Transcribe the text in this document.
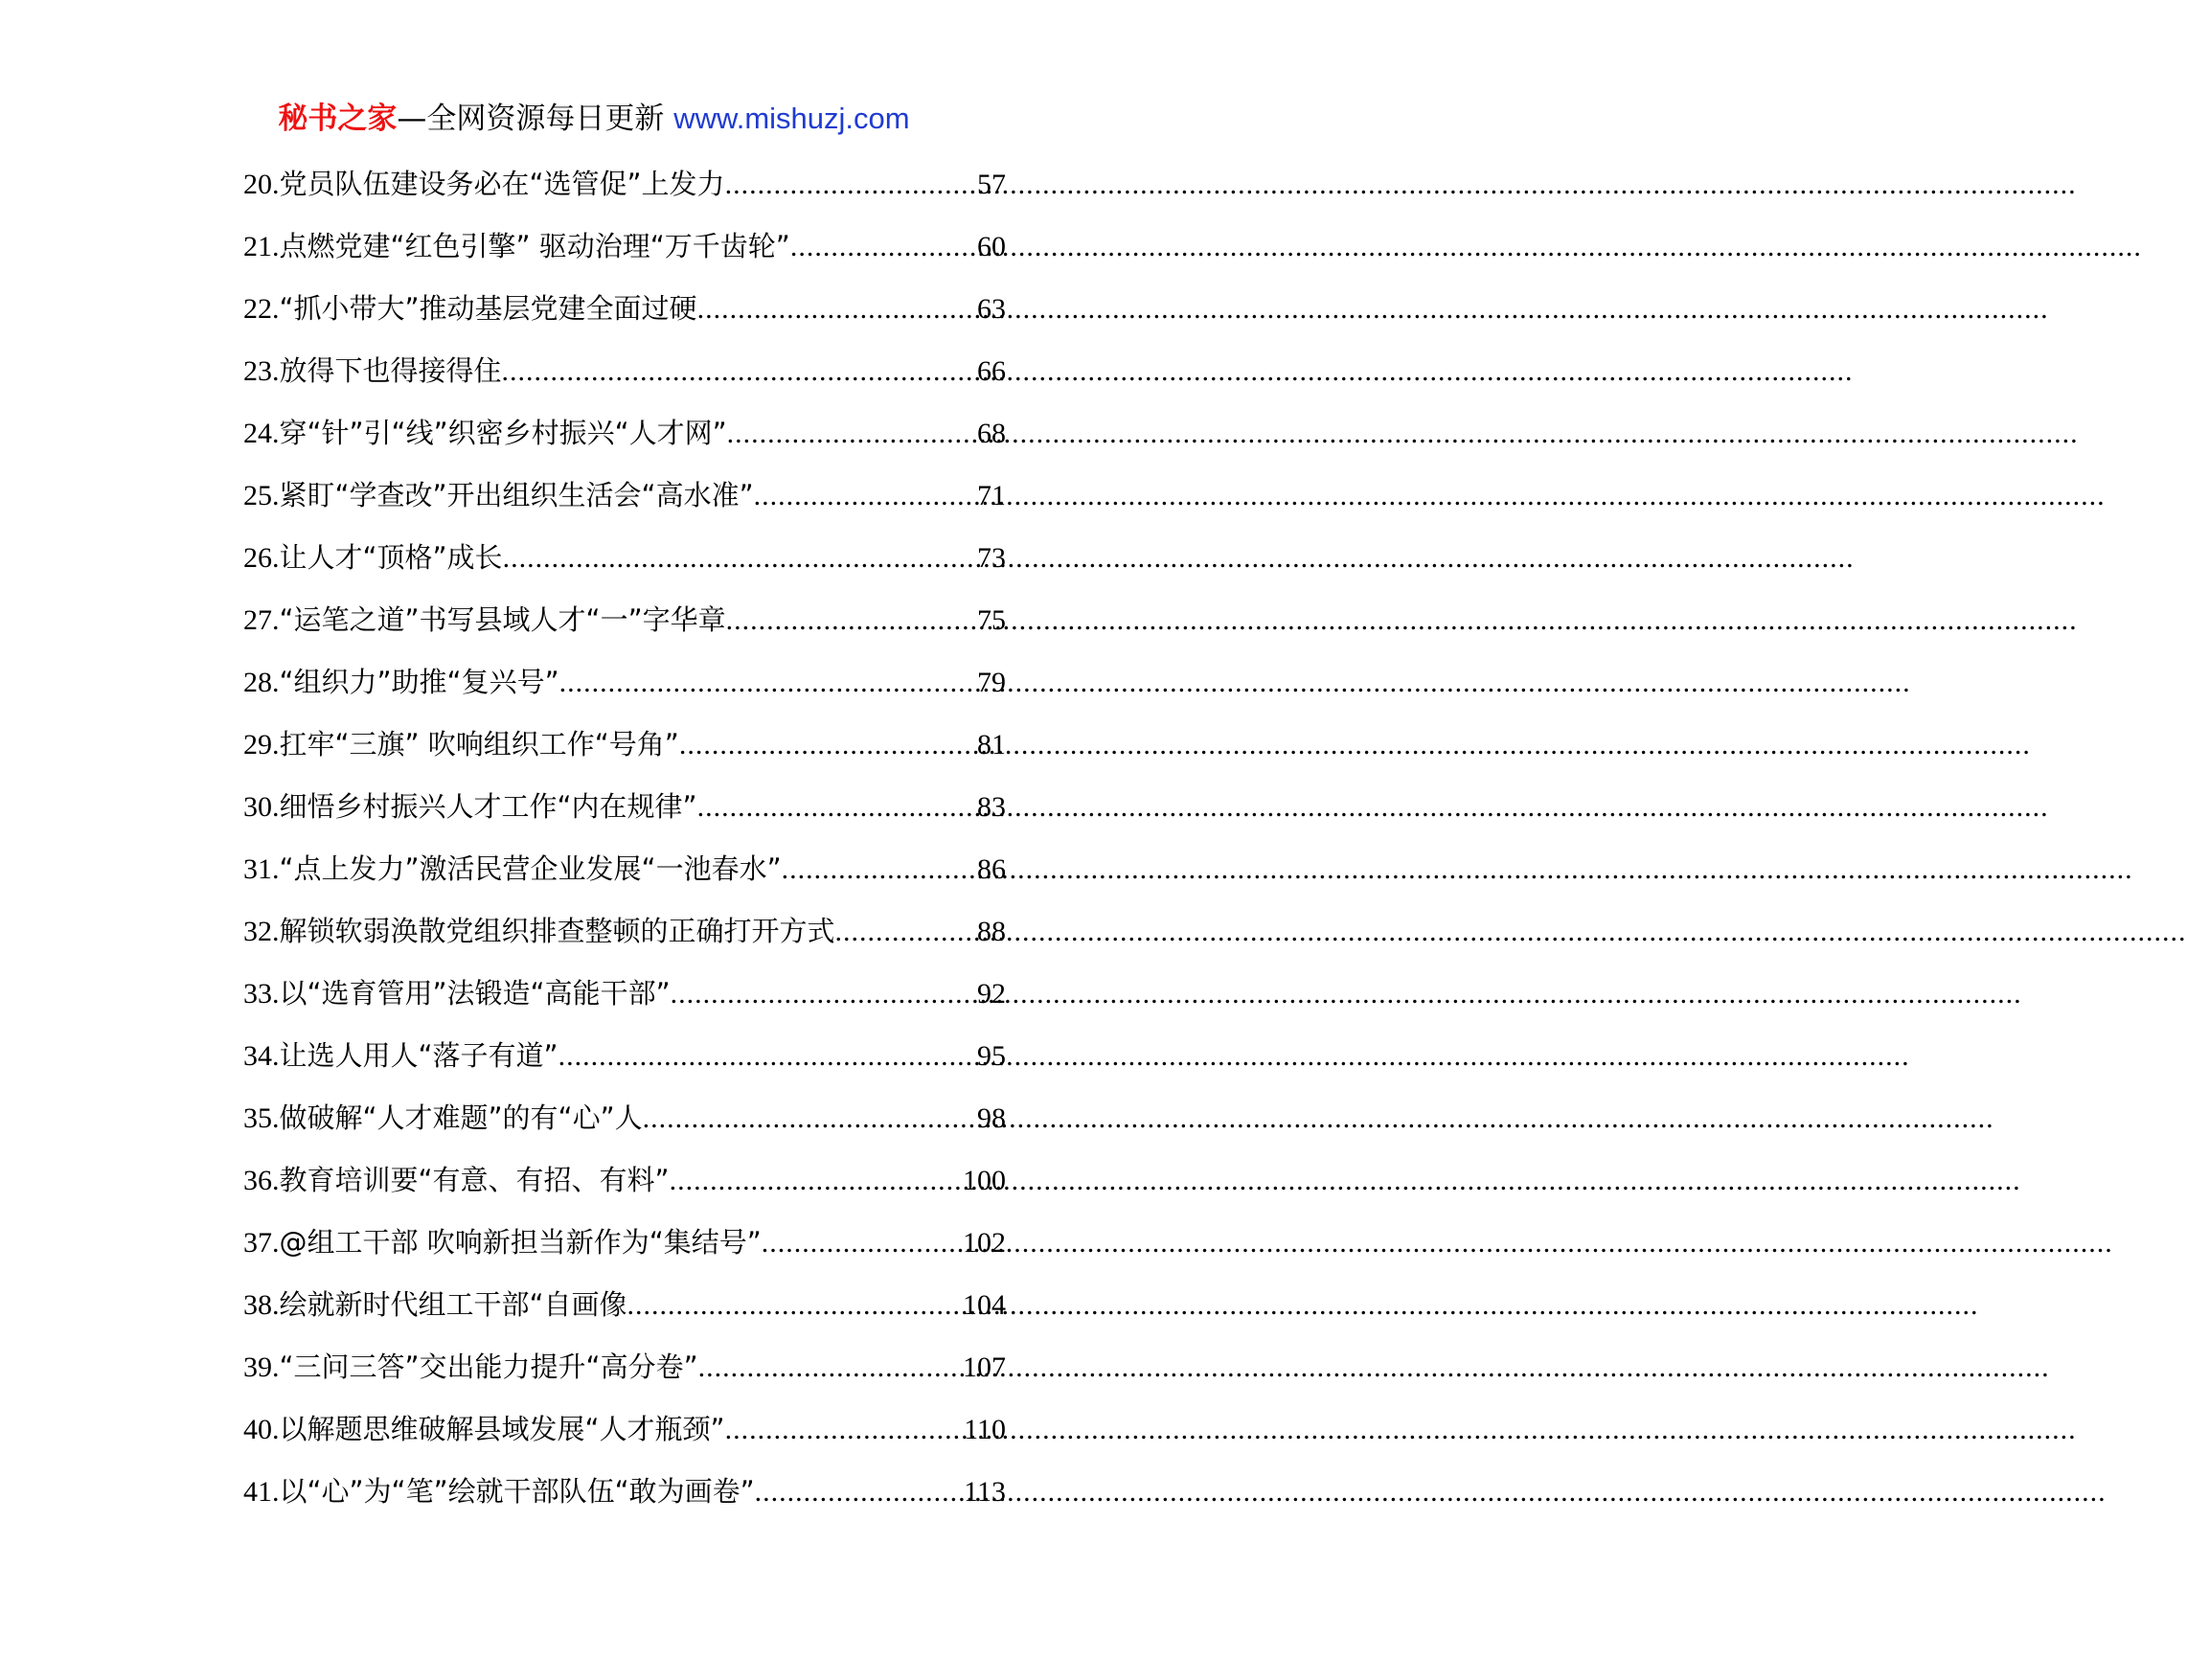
秘书之家—全网资源每日更新 www.mishuzj.com
20. 党员队伍建设务必在“选管促”上发力 .....	57
21. 点燃党建“红色引擎” 驱动治理“万千齿轮” .....	60
22. “抓小带大”推动基层党建全面过硬 .....	63
23. 放得下也得接得住 .....	66
24. 穿“针”引“线”织密乡村振兴“人才网” .....	68
25. 紧盯“学查改”开出组织生活会“高水准” .....	71
26. 让人才“顶格”成长 .....	73
27. “运笔之道”书写县域人才“一”字华章 .....	75
28. “组织力”助推“复兴号” .....	79
29. 扛牢“三旗” 吹响组织工作“号角” .....	81
30. 细悟乡村振兴人才工作“内在规律” .....	83
31. “点上发力”激活民营企业发展“一池春水” .....	86
32. 解锁软弱涣散党组织排查整顿的正确打开方式 .....	88
33. 以“选育管用”法锻造“高能干部” .....	92
34. 让选人用人“落子有道” .....	95
35. 做破解“人才难题”的有“心”人 .....	98
36. 教育培训要“有意、有招、有料” .....	100
37. @组工干部 吹响新担当新作为“集结号” .....	102
38. 绘就新时代组工干部“自画像 .....	104
39. “三问三答”交出能力提升“高分卷” .....	107
40. 以解题思维破解县域发展“人才瓶颈” .....	110
41. 以“心”为“笔”绘就干部队伍“敢为画卷” .....	113
